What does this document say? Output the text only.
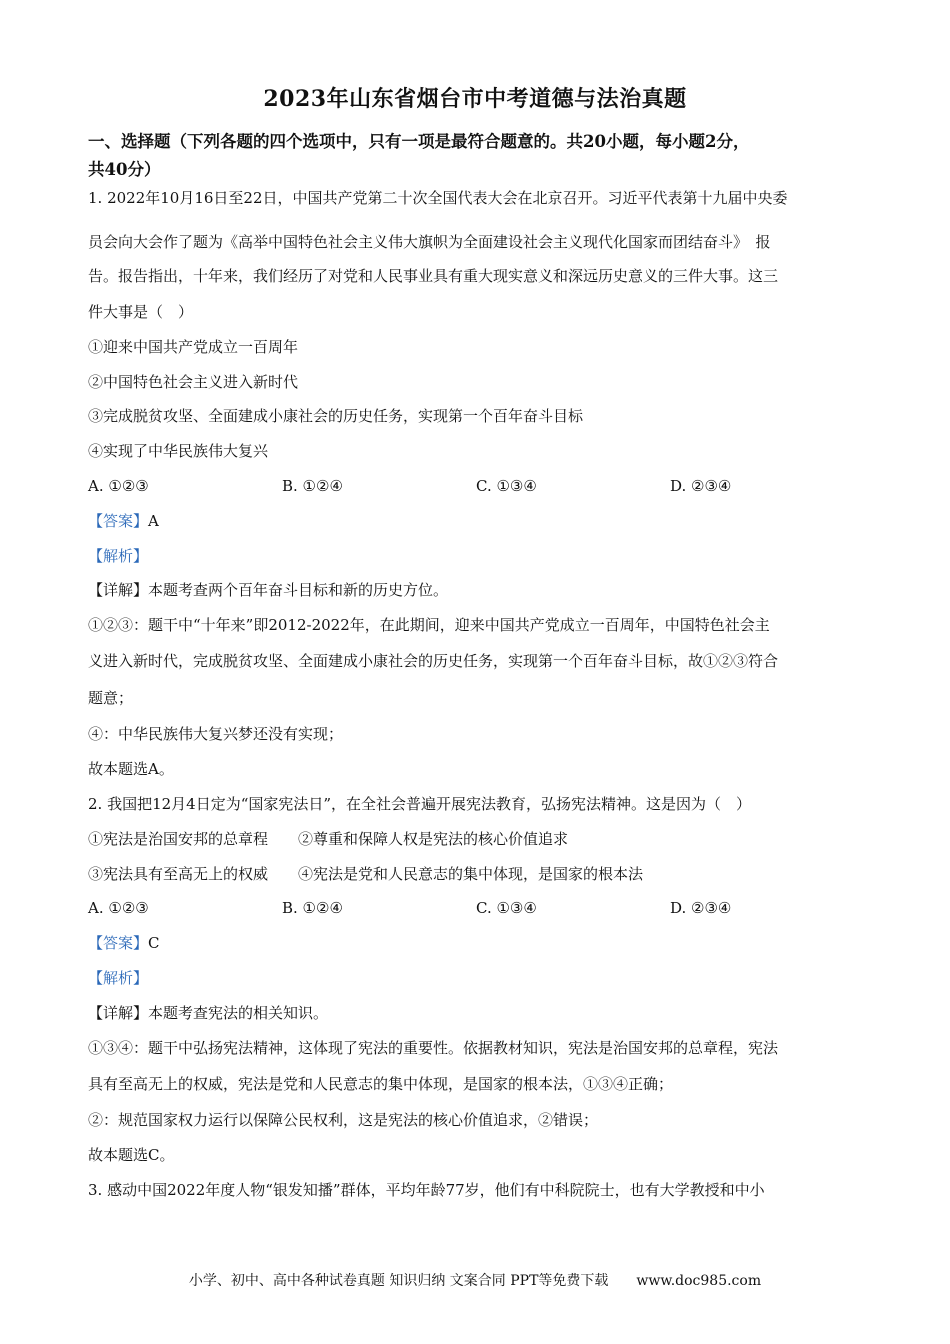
2023年山东省烟台市中考道德与法治真题
一、选择题（下列各题的四个选项中，只有一项是最符合题意的。共20小题，每小题2分，
共40分）
1. 2022年10月16日至22日，中国共产党第二十次全国代表大会在北京召开。习近平代表第十九届中央委
员会向大会作了题为《高举中国特色社会主义伟大旗帜为全面建设社会主义现代化国家而团结奋斗》　报
告。报告指出，十年来，我们经历了对党和人民事业具有重大现实意义和深远历史意义的三件大事。这三
件大事是（　）
①迎来中国共产党成立一百周年
②中国特色社会主义进入新时代
③完成脱贫攻坚、全面建成小康社会的历史任务，实现第一个百年奋斗目标
④实现了中华民族伟大复兴
A. ①②③	B. ①②④	C. ①③④	D. ②③④
【答案】A
【解析】
【详解】本题考查两个百年奋斗目标和新的历史方位。
①②③：题干中“十年来”即2012-2022年，在此期间，迎来中国共产党成立一百周年，中国特色社会主
义进入新时代，完成脱贫攻坚、全面建成小康社会的历史任务，实现第一个百年奋斗目标，故①②③符合
题意；
④：中华民族伟大复兴梦还没有实现；
故本题选A。
2. 我国把12月4日定为“国家宪法日”，在全社会普遍开展宪法教育，弘扬宪法精神。这是因为（　）
①宪法是治国安邦的总章程　　②尊重和保障人权是宪法的核心价值追求
③宪法具有至高无上的权威　　④宪法是党和人民意志的集中体现，是国家的根本法
A. ①②③	B. ①②④	C. ①③④	D. ②③④
【答案】C
【解析】
【详解】本题考查宪法的相关知识。
①③④：题干中弘扬宪法精神，这体现了宪法的重要性。依据教材知识，宪法是治国安邦的总章程，宪法
具有至高无上的权威，宪法是党和人民意志的集中体现，是国家的根本法，①③④正确；
②：规范国家权力运行以保障公民权利，这是宪法的核心价值追求，②错误；
故本题选C。
3. 感动中国2022年度人物“银发知播”群体，平均年龄77岁，他们有中科院院士，也有大学教授和中小
小学、初中、高中各种试卷真题 知识归纳 文案合同 PPT等免费下载　　www.doc985.com
